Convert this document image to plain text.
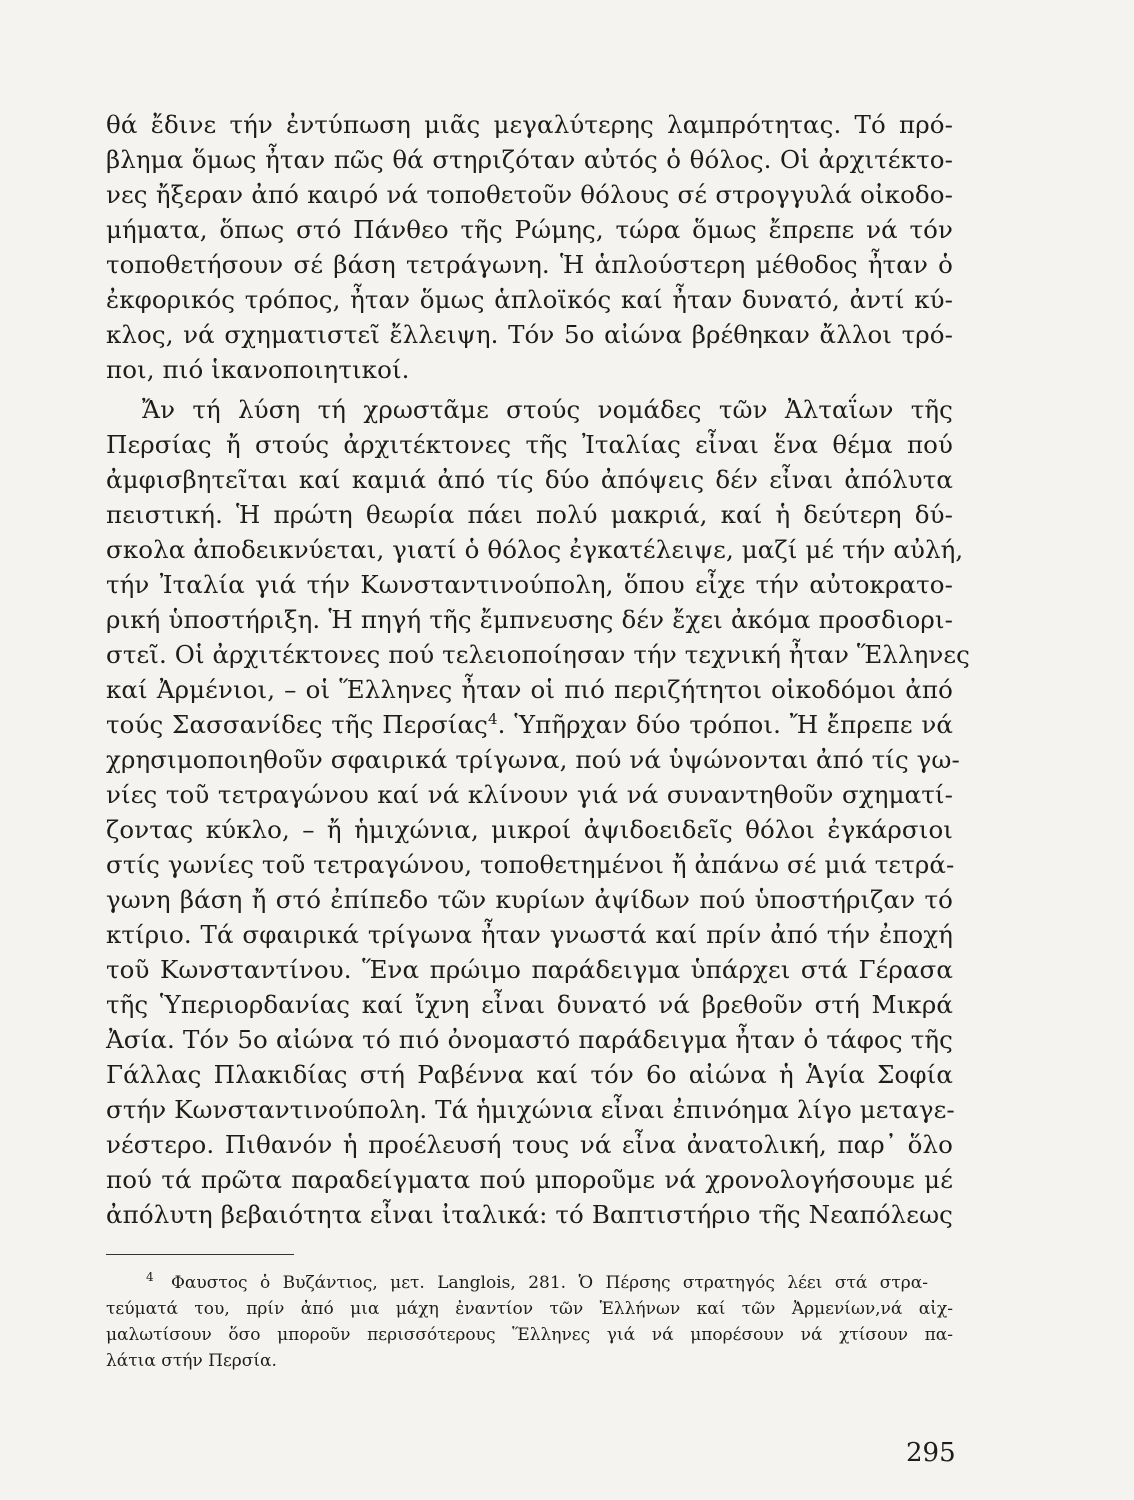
θά ἔδινε τήν ἐντύπωση μιᾶς μεγαλύτερης λαμπρότητας. Τό πρό-
βλημα ὅμως ἦταν πῶς θά στηριζόταν αὐτός ὁ θόλος. Οἱ ἀρχιτέκτο-
νες ἤξεραν ἀπό καιρό νά τοποθετοῦν θόλους σέ στρογγυλά οἰκοδο-
μήματα, ὅπως στό Πάνθεο τῆς Ρώμης, τώρα ὅμως ἔπρεπε νά τόν
τοποθετήσουν σέ βάση τετράγωνη. Ἡ ἁπλούστερη μέθοδος ἦταν ὁ
ἐκφορικός τρόπος, ἦταν ὅμως ἁπλοϊκός καί ἦταν δυνατό, ἀντί κύ-
κλος, νά σχηματιστεῖ ἔλλειψη. Τόν 5ο αἰώνα βρέθηκαν ἄλλοι τρό-
ποι, πιό ἱκανοποιητικοί.
Ἄν τή λύση τή χρωστᾶμε στούς νομάδες τῶν Ἀλταΐων τῆς
Περσίας ἤ στούς ἀρχιτέκτονες τῆς Ἰταλίας εἶναι ἕνα θέμα πού
ἀμφισβητεῖται καί καμιά ἀπό τίς δύο ἀπόψεις δέν εἶναι ἀπόλυτα
πειστική. Ἡ πρώτη θεωρία πάει πολύ μακριά, καί ἡ δεύτερη δύ-
σκολα ἀποδεικνύεται, γιατί ὁ θόλος ἐγκατέλειψε, μαζί μέ τήν αὐλή,
τήν Ἰταλία γιά τήν Κωνσταντινούπολη, ὅπου εἶχε τήν αὐτοκρατο-
ρική ὑποστήριξη. Ἡ πηγή τῆς ἔμπνευσης δέν ἔχει ἀκόμα προσδιορι-
στεῖ. Οἱ ἀρχιτέκτονες πού τελειοποίησαν τήν τεχνική ἦταν Ἕλληνες
καί Ἀρμένιοι, – οἱ Ἕλληνες ἦταν οἱ πιό περιζήτητοι οἰκοδόμοι ἀπό
τούς Σασσανίδες τῆς Περσίας$^4$. Ὑπῆρχαν δύο τρόποι. Ἤ ἔπρεπε νά
χρησιμοποιηθοῦν σφαιρικά τρίγωνα, πού νά ὑψώνονται ἀπό τίς γω-
νίες τοῦ τετραγώνου καί νά κλίνουν γιά νά συναντηθοῦν σχηματί-
ζοντας κύκλο, – ἤ ἡμιχώνια, μικροί ἀψιδοειδεῖς θόλοι ἐγκάρσιοι
στίς γωνίες τοῦ τετραγώνου, τοποθετημένοι ἤ ἀπάνω σέ μιά τετρά-
γωνη βάση ἤ στό ἐπίπεδο τῶν κυρίων ἀψίδων πού ὑποστήριζαν τό
κτίριο. Τά σφαιρικά τρίγωνα ἦταν γνωστά καί πρίν ἀπό τήν ἐποχή
τοῦ Κωνσταντίνου. Ἕνα πρώιμο παράδειγμα ὑπάρχει στά Γέρασα
τῆς Ὑπεριορδανίας καί ἴχνη εἶναι δυνατό νά βρεθοῦν στή Μικρά
Ἀσία. Τόν 5ο αἰώνα τό πιό ὀνομαστό παράδειγμα ἦταν ὁ τάφος τῆς
Γάλλας Πλακιδίας στή Ραβέννα καί τόν 6ο αἰώνα ἡ Ἁγία Σοφία
στήν Κωνσταντινούπολη. Τά ἡμιχώνια εἶναι ἐπινόημα λίγο μεταγε-
νέστερο. Πιθανόν ἡ προέλευσή τους νά εἶνα ἀνατολική, παρ᾽ ὅλο
πού τά πρῶτα παραδείγματα πού μποροῦμε νά χρονολογήσουμε μέ
ἀπόλυτη βεβαιότητα εἶναι ἰταλικά: τό Βαπτιστήριο τῆς Νεαπόλεως
4 Φαυστος ὁ Βυζάντιος, μετ. Langlois, 281. Ὁ Πέρσης στρατηγός λέει στά στρα-
τεύματά του, πρίν ἀπό μια μάχη ἐναντίον τῶν Ἑλλήνων καί τῶν Ἀρμενίων,νά αἰχ-
μαλωτίσουν ὅσο μποροῦν περισσότερους Ἕλληνες γιά νά μπορέσουν νά χτίσουν πα-
λάτια στήν Περσία.
295
